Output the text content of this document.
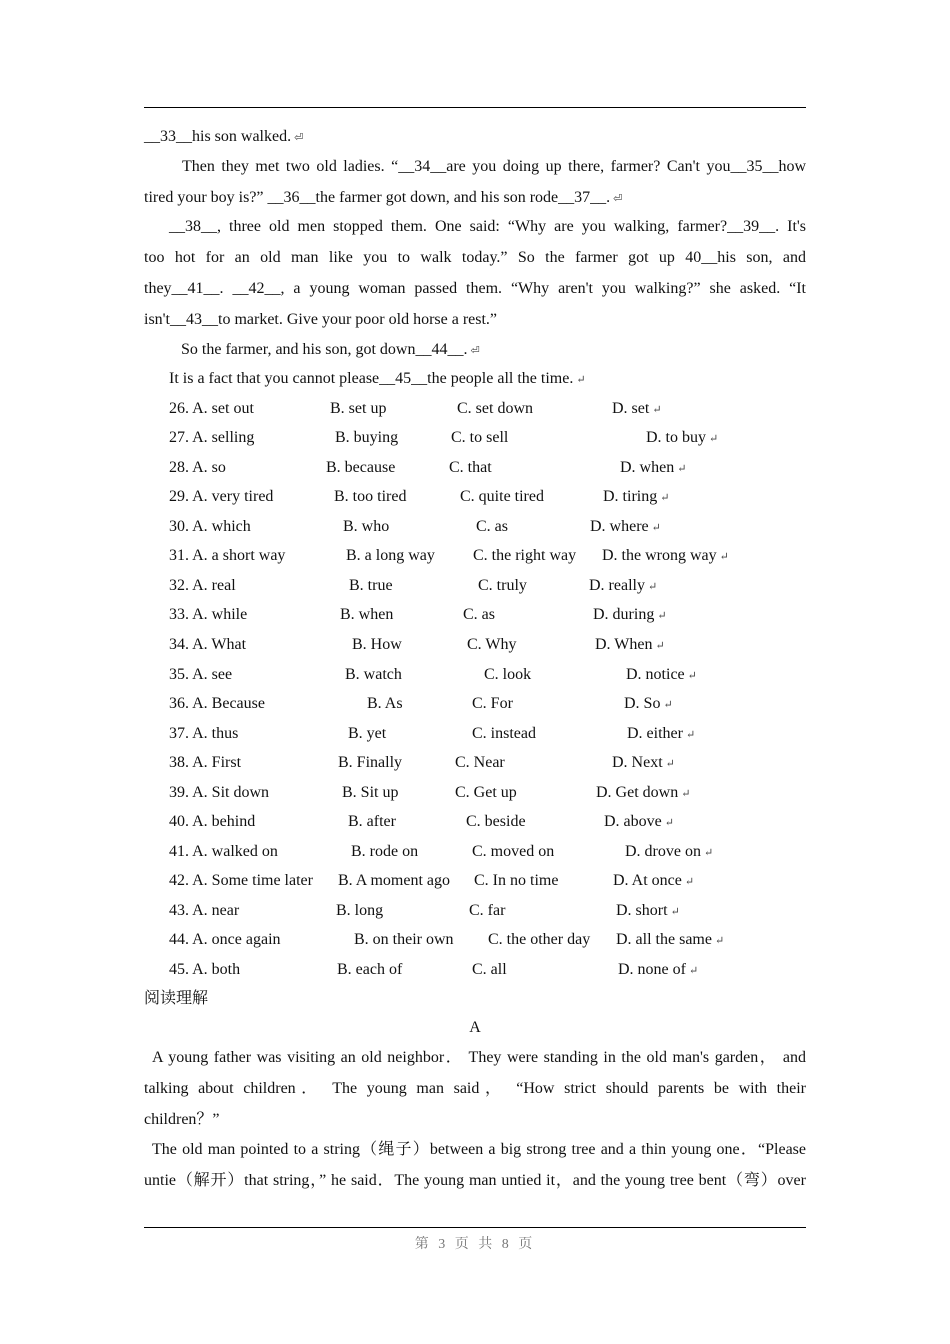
__33__his son walked. ⏎
Then they met two old ladies. “__34__are you doing up there, farmer? Can't you__35__how
tired your boy is?” __36__the farmer got down, and his son rode__37__. ⏎
__38__, three old men stopped them. One said: “Why are you walking, farmer?__39__. It's
too hot for an old man like you to walk today.” So the farmer got up 40__his son, and
they__41__. __42__, a young woman passed them. “Why aren't you walking?” she asked. “It
isn't__43__to market. Give your poor old horse a rest.”
So the farmer, and his son, got down__44__. ⏎
It is a fact that you cannot please__45__the people all the time. ↵
26. A. set out	B. set up	C. set down	D. set ↵
27. A. selling	B. buying	C. to sell	D. to buy ↵
28. A. so	B. because	C. that	D. when ↵
29. A. very tired	B. too tired	C. quite tired	D. tiring ↵
30. A. which	B. who	C. as	D. where ↵
31. A. a short way	B. a long way C. the right way D. the wrong way ↵
32. A. real	B. true	C. truly	D. really ↵
33. A. while	B. when	C. as	D. during ↵
34. A. What	B. How	C. Why	D. When ↵
35. A. see	B. watch	C. look	D. notice ↵
36. A. Because	B. As	C. For	D. So ↵
37. A. thus	B. yet	C. instead	D. either ↵
38. A. First	B. Finally	C. Near	D. Next ↵
39. A. Sit down	B. Sit up	C. Get up	D. Get down ↵
40. A. behind	B. after	C. beside	D. above ↵
41. A. walked on	B. rode on	C. moved on	D. drove on ↵
42. A. Some time later B. A moment ago C. In no time	D. At once ↵
43. A. near	B. long	C. far	D. short ↵
44. A. once again	B. on their own C. the other day D. all the same ↵
45. A. both	B. each of	C. all	D. none of ↵
阅读理解
A
A young father was visiting an old neighbor． They were standing in the old man's garden， and
talking about children． The young man said， “How strict should parents be with their
children？”
The old man pointed to a string（绳子）between a big strong tree and a thin young one．“Please
untie（解开）that string，” he said．The young man untied it，and the young tree bent（弯）over
第 3 页 共 8 页
